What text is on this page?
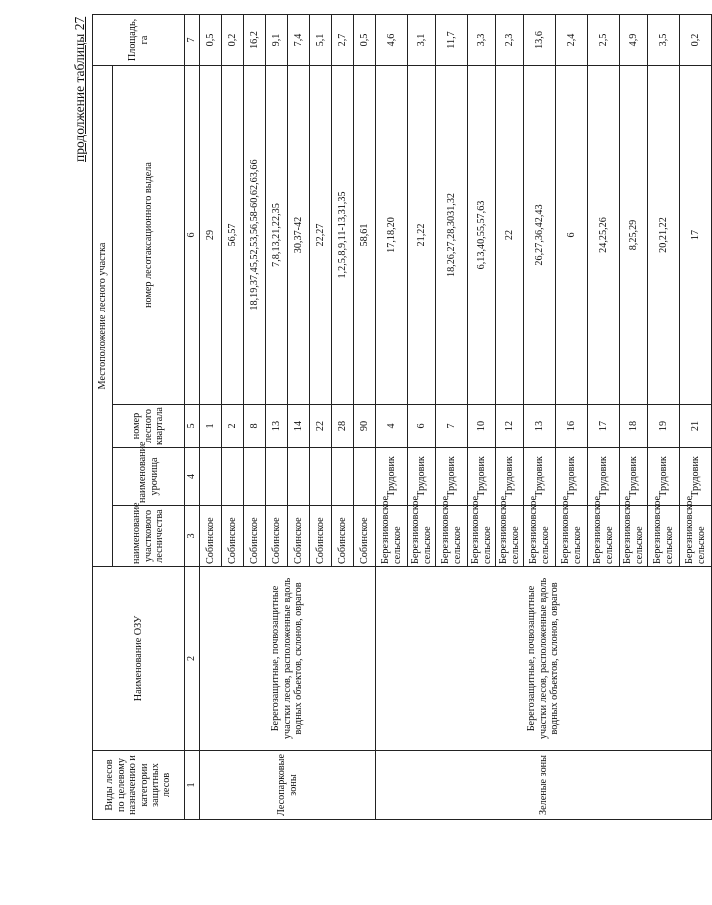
продолжение таблицы 27
Виды лесов по целевому назначению и категории защитных лесов	Наименование ОЗУ	Местоположение лесного участка				Площадь, га
		наименование участкового лесничества	наименование урочища	номер лесного квартала	номер лесотаксационного выдела	
1	2	3	4	5	6	7
Лесопарковые зоны	Берегозащитные, почвозащитные участки лесов, расположенные вдоль водных объектов, склонов, оврагов	Собинское		1	29	0,5
		Собинское		2	56,57	0,2
		Собинское		8	18,19,37,45,52,53,56,58-60,62,63,66	16,2
		Собинское		13	7,8,13,21,22,35	9,1
		Собинское		14	30,37-42	7,4
		Собинское		22	22,27	5,1
		Собинское		28	1,2,5,8,9,11-13,31,35	2,7
		Собинское		90	58,61	0,5
Зеленые зоны	Берегозащитные, почвозащитные участки лесов, расположенные вдоль водных объектов, склонов, оврагов	Березниковское сельское	Трудовик	4	17,18,20	4,6
		Березниковское сельское	Трудовик	6	21,22	3,1
		Березниковское сельское	Трудовик	7	18,26,27,28,3031,32	11,7
		Березниковское сельское	Трудовик	10	6,13,40,55,57,63	3,3
		Березниковское сельское	Трудовик	12	22	2,3
		Березниковское сельское	Трудовик	13	26,27,36,42,43	13,6
		Березниковское сельское	Трудовик	16	6	2,4
		Березниковское сельское	Трудовик	17	24,25,26	2,5
		Березниковское сельское	Трудовик	18	8,25,29	4,9
		Березниковское сельское	Трудовик	19	20,21,22	3,5
		Березниковское сельское	Трудовик	21	17	0,2
